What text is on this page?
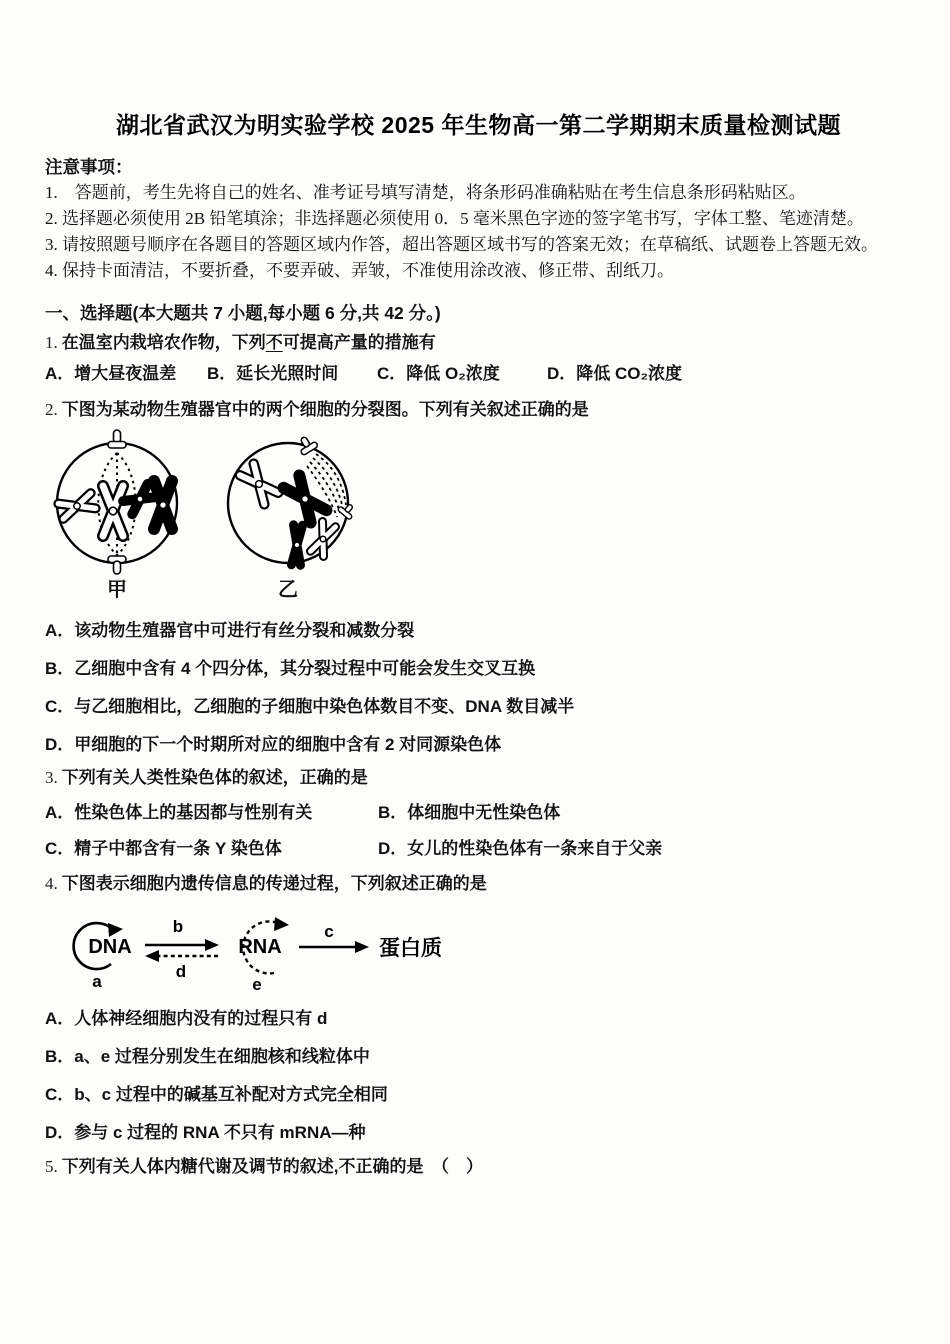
湖北省武汉为明实验学校 2025 年生物高一第二学期期末质量检测试题
注意事项：
1.　答题前，考生先将自己的姓名、准考证号填写清楚，将条形码准确粘贴在考生信息条形码粘贴区。
2. 选择题必须使用 2B 铅笔填涂；非选择题必须使用 0．5 毫米黑色字迹的签字笔书写，字体工整、笔迹清楚。
3. 请按照题号顺序在各题目的答题区域内作答，超出答题区域书写的答案无效；在草稿纸、试题卷上答题无效。
4. 保持卡面清洁，不要折叠，不要弄破、弄皱，不准使用涂改液、修正带、刮纸刀。
一、选择题(本大题共 7 小题,每小题 6 分,共 42 分。)
1. 在温室内栽培农作物，下列不可提高产量的措施有
A．增大昼夜温差	B．延长光照时间	C．降低 O₂浓度	D．降低 CO₂浓度
2. 下图为某动物生殖器官中的两个细胞的分裂图。下列有关叙述正确的是
甲	乙
A．该动物生殖器官中可进行有丝分裂和减数分裂
B．乙细胞中含有 4 个四分体，其分裂过程中可能会发生交叉互换
C．与乙细胞相比，乙细胞的子细胞中染色体数目不变、DNA 数目减半
D．甲细胞的下一个时期所对应的细胞中含有 2 对同源染色体
3. 下列有关人类性染色体的叙述，正确的是
A．性染色体上的基因都与性别有关	B．体细胞中无性染色体
C．精子中都含有一条 Y 染色体	D．女儿的性染色体有一条来自于父亲
4. 下图表示细胞内遗传信息的传递过程，下列叙述正确的是
DNA
a
b
d
RNA
e
c
蛋白质
A．人体神经细胞内没有的过程只有 d
B．a、e 过程分别发生在细胞核和线粒体中
C．b、c 过程中的碱基互补配对方式完全相同
D．参与 c 过程的 RNA 不只有 mRNA—种
5. 下列有关人体内糖代谢及调节的叙述,不正确的是　（　）
